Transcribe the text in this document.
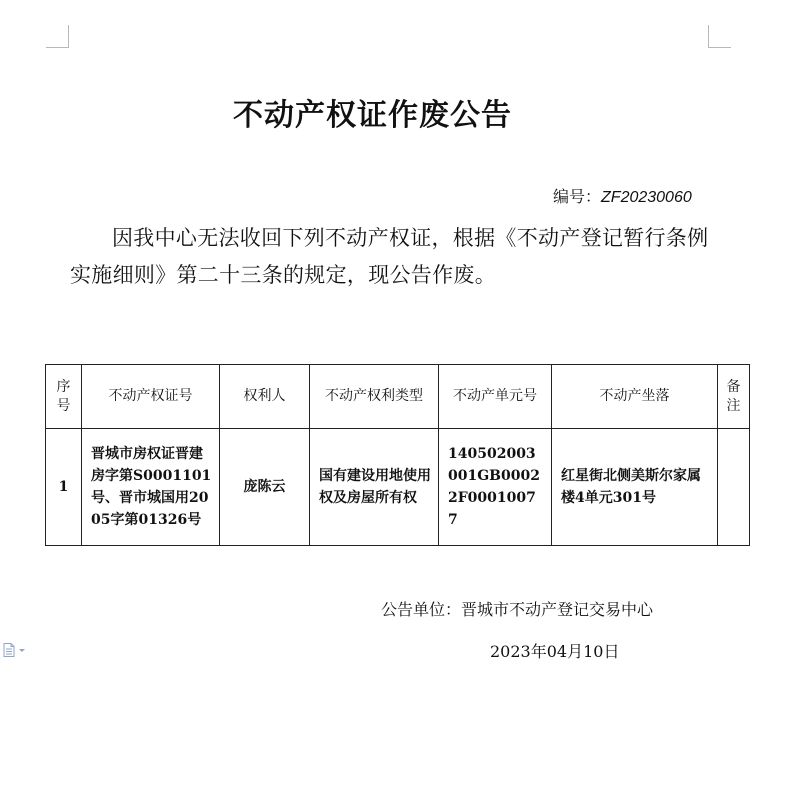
不动产权证作废公告
编号：ZF20230060

因我中心无法收回下列不动产权证，根据《不动产登记暂行条例实施细则》第二十三条的规定，现公告作废。

序号	不动产权证号	权利人	不动产权利类型	不动产单元号	不动产坐落	备注
1	晋城市房权证晋建房字第S0001101号、晋市城国用2005字第01326号	庞陈云	国有建设用地使用权及房屋所有权	140502003001GB00022F00010077	红星街北侧美斯尔家属楼4单元301号	
公告单位：晋城市不动产登记交易中心
2023年04月10日
